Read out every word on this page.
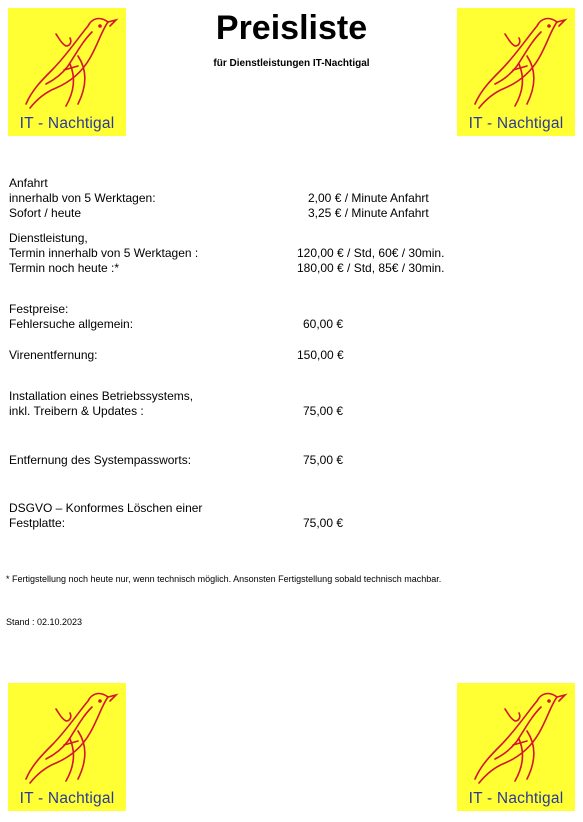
IT - Nachtigal	IT - Nachtigal
IT - Nachtigal	IT - Nachtigal
Preisliste
für Dienstleistungen IT-Nachtigal
Anfahrt
innerhalb von 5 Werktagen:	2,00 € / Minute Anfahrt
Sofort / heute	3,25 € / Minute Anfahrt
Dienstleistung,
Termin innerhalb von 5 Werktagen :	120,00 € / Std, 60€ / 30min.
Termin noch heute :*	180,00 € / Std, 85€ / 30min.
Festpreise:
Fehlersuche allgemein:	60,00 €
Virenentfernung:	150,00 €
Installation eines Betriebssystems,
inkl. Treibern & Updates :	75,00 €
Entfernung des Systempassworts:	75,00 €
DSGVO – Konformes Löschen einer
Festplatte:	75,00 €
* Fertigstellung noch heute nur, wenn technisch möglich. Ansonsten Fertigstellung sobald technisch machbar.
Stand : 02.10.2023
